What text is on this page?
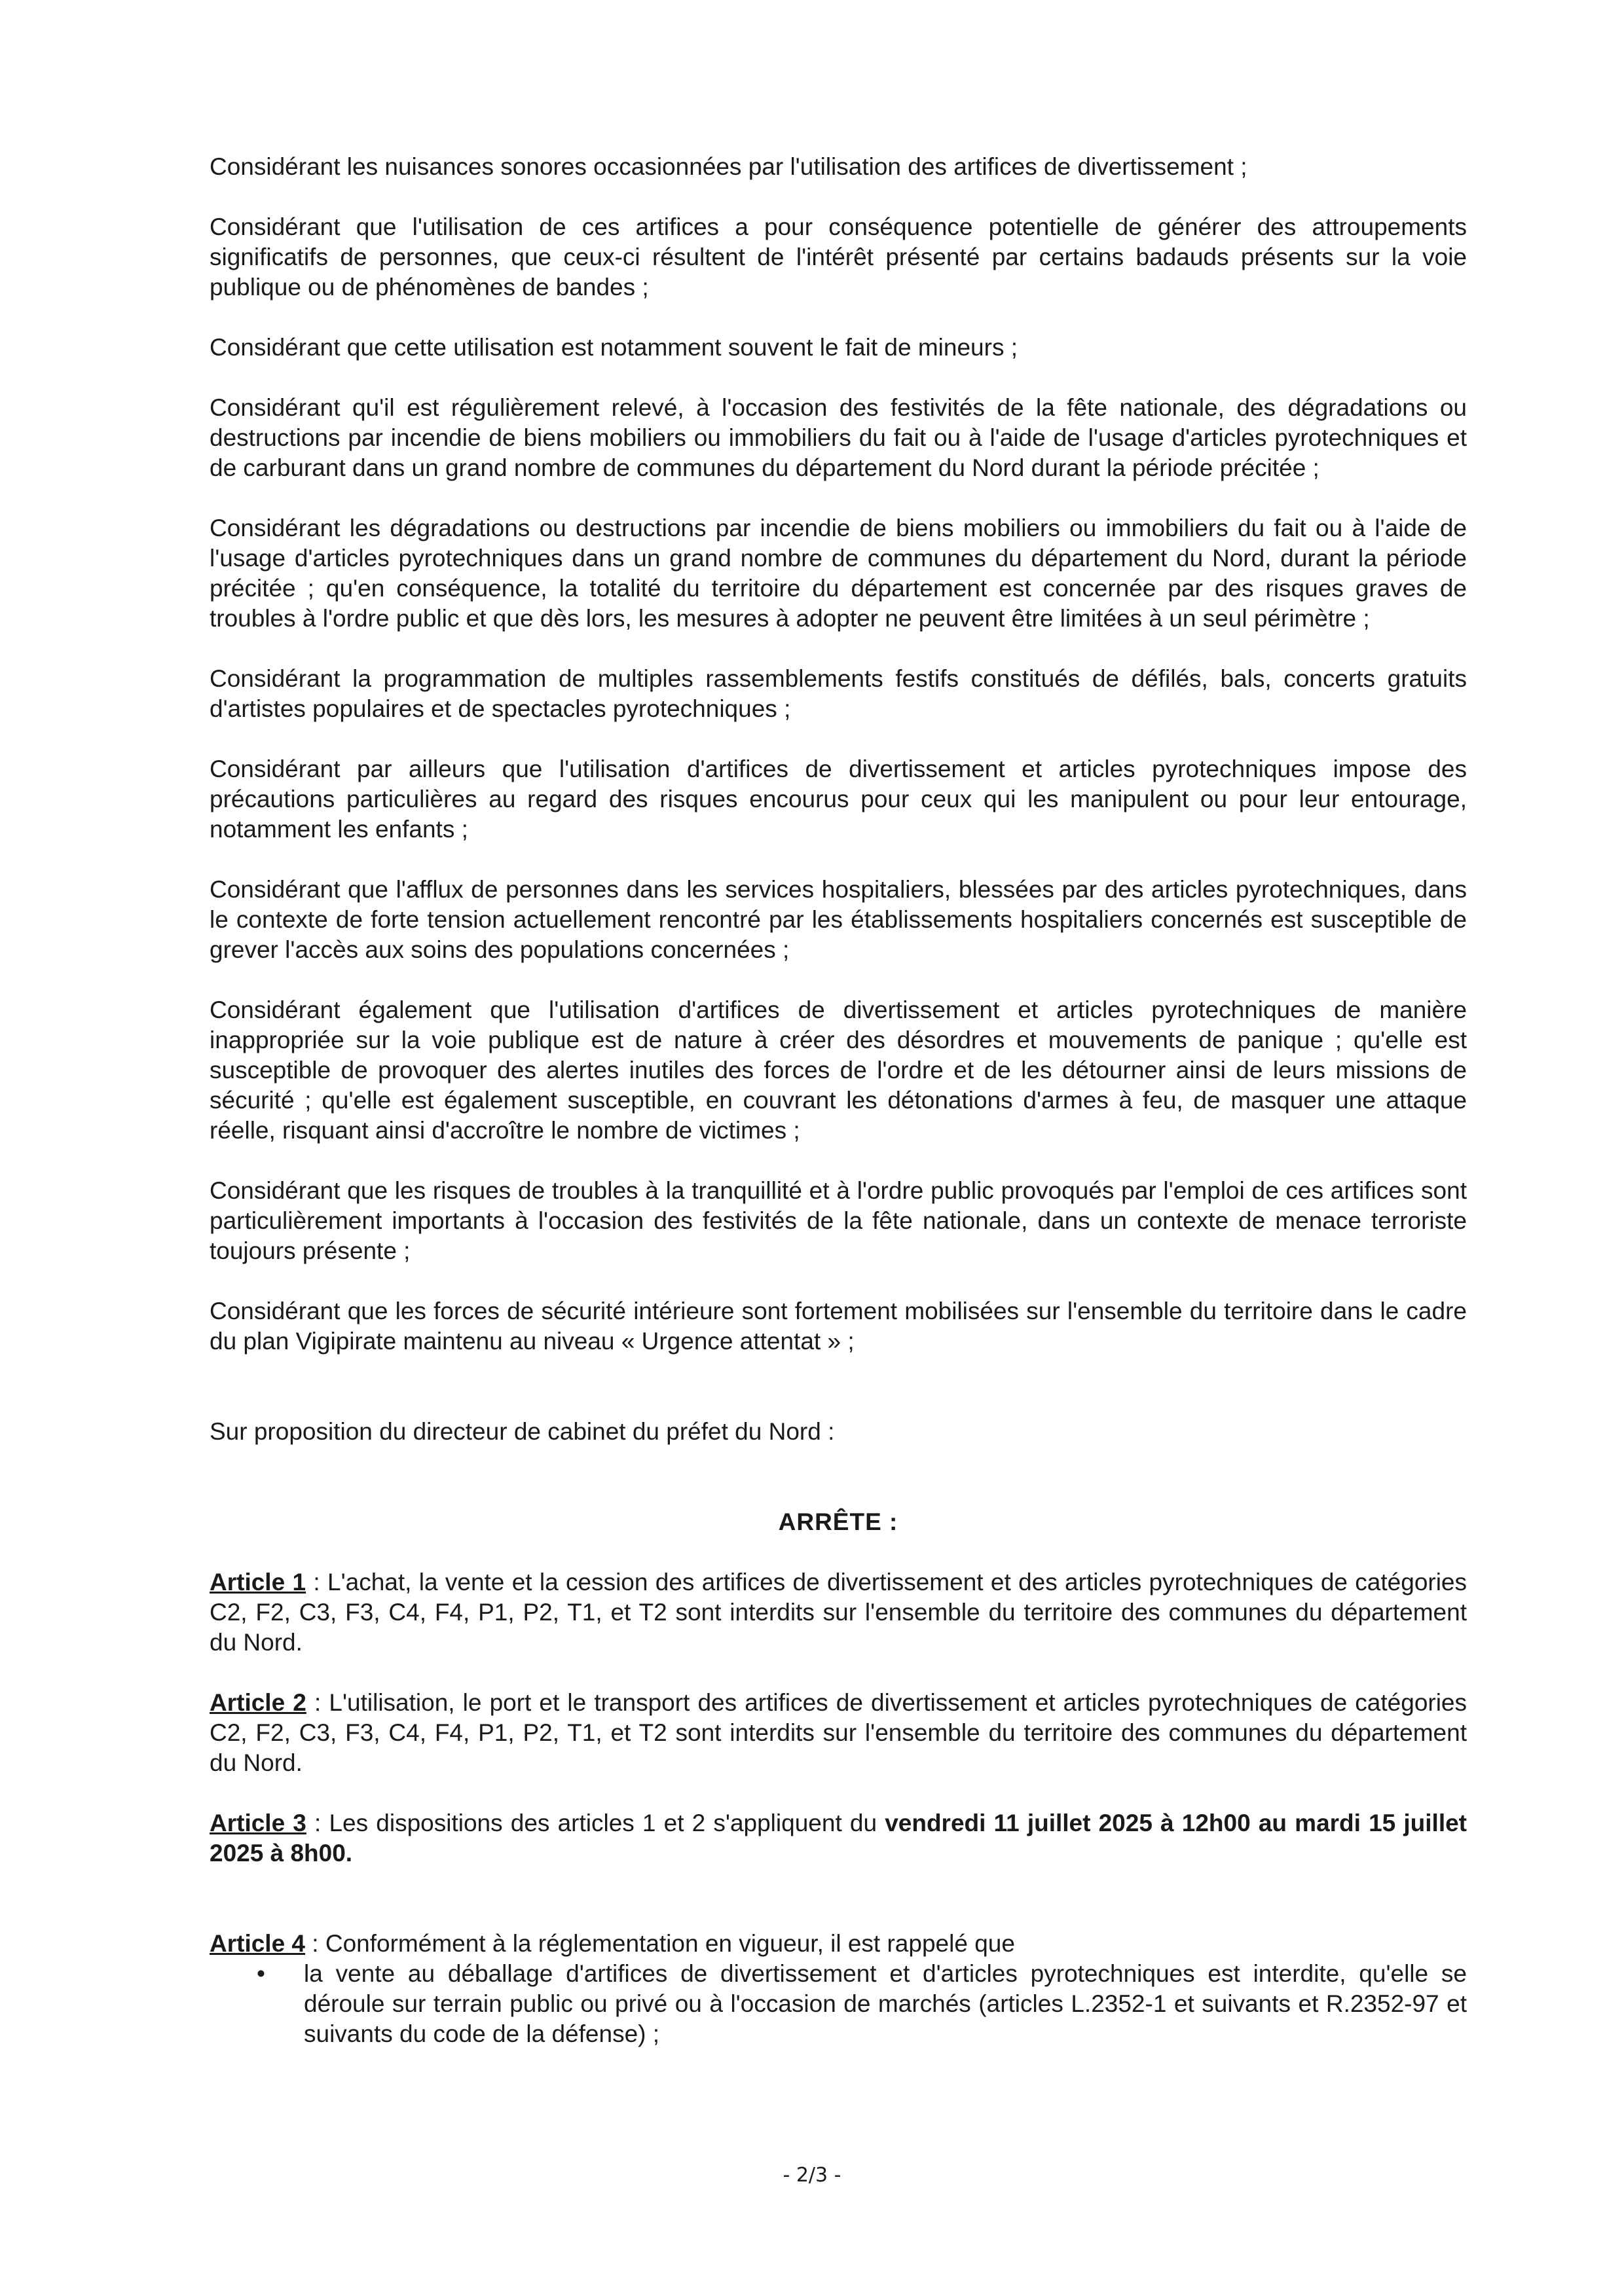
Considérant les nuisances sonores occasionnées par l'utilisation des artifices de divertissement ;

Considérant que l'utilisation de ces artifices a pour conséquence potentielle de générer des attroupements significatifs de personnes, que ceux-ci résultent de l'intérêt présenté par certains badauds présents sur la voie publique ou de phénomènes de bandes ;

Considérant que cette utilisation est notamment souvent le fait de mineurs ;

Considérant qu'il est régulièrement relevé, à l'occasion des festivités de la fête nationale, des dégradations ou destructions par incendie de biens mobiliers ou immobiliers du fait ou à l'aide de l'usage d'articles pyrotechniques et de carburant dans un grand nombre de communes du département du Nord durant la période précitée ;

Considérant les dégradations ou destructions par incendie de biens mobiliers ou immobiliers du fait ou à l'aide de l'usage d'articles pyrotechniques dans un grand nombre de communes du département du Nord, durant la période précitée ; qu'en conséquence, la totalité du territoire du département est concernée par des risques graves de troubles à l'ordre public et que dès lors, les mesures à adopter ne peuvent être limitées à un seul périmètre ;

Considérant la programmation de multiples rassemblements festifs constitués de défilés, bals, concerts gratuits d'artistes populaires et de spectacles pyrotechniques ;

Considérant par ailleurs que l'utilisation d'artifices de divertissement et articles pyrotechniques impose des précautions particulières au regard des risques encourus pour ceux qui les manipulent ou pour leur entourage, notamment les enfants ;

Considérant que l'afflux de personnes dans les services hospitaliers, blessées par des articles pyrotechniques, dans le contexte de forte tension actuellement rencontré par les établissements hospitaliers concernés est susceptible de grever l'accès aux soins des populations concernées ;

Considérant également que l'utilisation d'artifices de divertissement et articles pyrotechniques de manière inappropriée sur la voie publique est de nature à créer des désordres et mouvements de panique ; qu'elle est susceptible de provoquer des alertes inutiles des forces de l'ordre et de les détourner ainsi de leurs missions de sécurité ; qu'elle est également susceptible, en couvrant les détonations d'armes à feu, de masquer une attaque réelle, risquant ainsi d'accroître le nombre de victimes ;

Considérant que les risques de troubles à la tranquillité et à l'ordre public provoqués par l'emploi de ces artifices sont particulièrement importants à l'occasion des festivités de la fête nationale, dans un contexte de menace terroriste toujours présente ;

Considérant que les forces de sécurité intérieure sont fortement mobilisées sur l'ensemble du territoire dans le cadre du plan Vigipirate maintenu au niveau « Urgence attentat » ;

Sur proposition du directeur de cabinet du préfet du Nord :

ARRÊTE :

Article 1 : L'achat, la vente et la cession des artifices de divertissement et des articles pyrotechniques de catégories C2, F2, C3, F3, C4, F4, P1, P2, T1, et T2 sont interdits sur l'ensemble du territoire des communes du département du Nord.

Article 2 : L'utilisation, le port et le transport des artifices de divertissement et articles pyrotechniques de catégories C2, F2, C3, F3, C4, F4, P1, P2, T1, et T2 sont interdits sur l'ensemble du territoire des communes du département du Nord.

Article 3 : Les dispositions des articles 1 et 2 s'appliquent du vendredi 11 juillet 2025 à 12h00 au mardi 15 juillet 2025 à 8h00.

Article 4 : Conformément à la réglementation en vigueur, il est rappelé que

• la vente au déballage d'artifices de divertissement et d'articles pyrotechniques est interdite, qu'elle se déroule sur terrain public ou privé ou à l'occasion de marchés (articles L.2352-1 et suivants et R.2352-97 et suivants du code de la défense) ;
- 2/3 -
